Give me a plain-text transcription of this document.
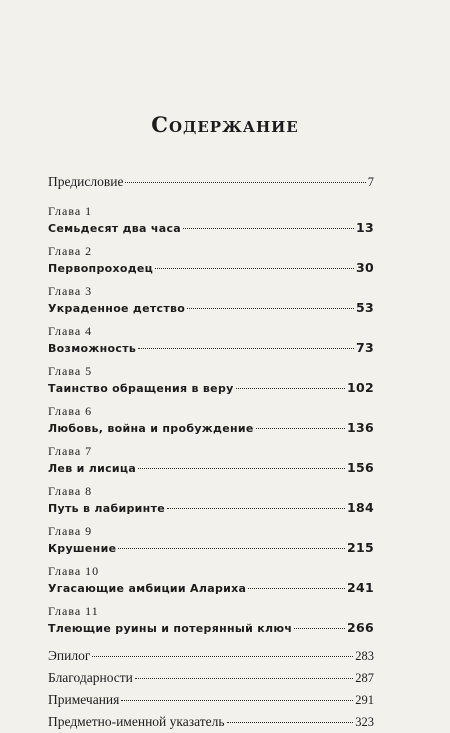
Содержание
Предисловие	7
Глава 1
Семьдесят два часа	13
Глава 2
Первопроходец	30
Глава 3
Украденное детство	53
Глава 4
Возможность	73
Глава 5
Таинство обращения в веру	102
Глава 6
Любовь, война и пробуждение	136
Глава 7
Лев и лисица	156
Глава 8
Путь в лабиринте	184
Глава 9
Крушение	215
Глава 10
Угасающие амбиции Алариха	241
Глава 11
Тлеющие руины и потерянный ключ	266
Эпилог	283
Благодарности	287
Примечания	291
Предметно-именной указатель	323
